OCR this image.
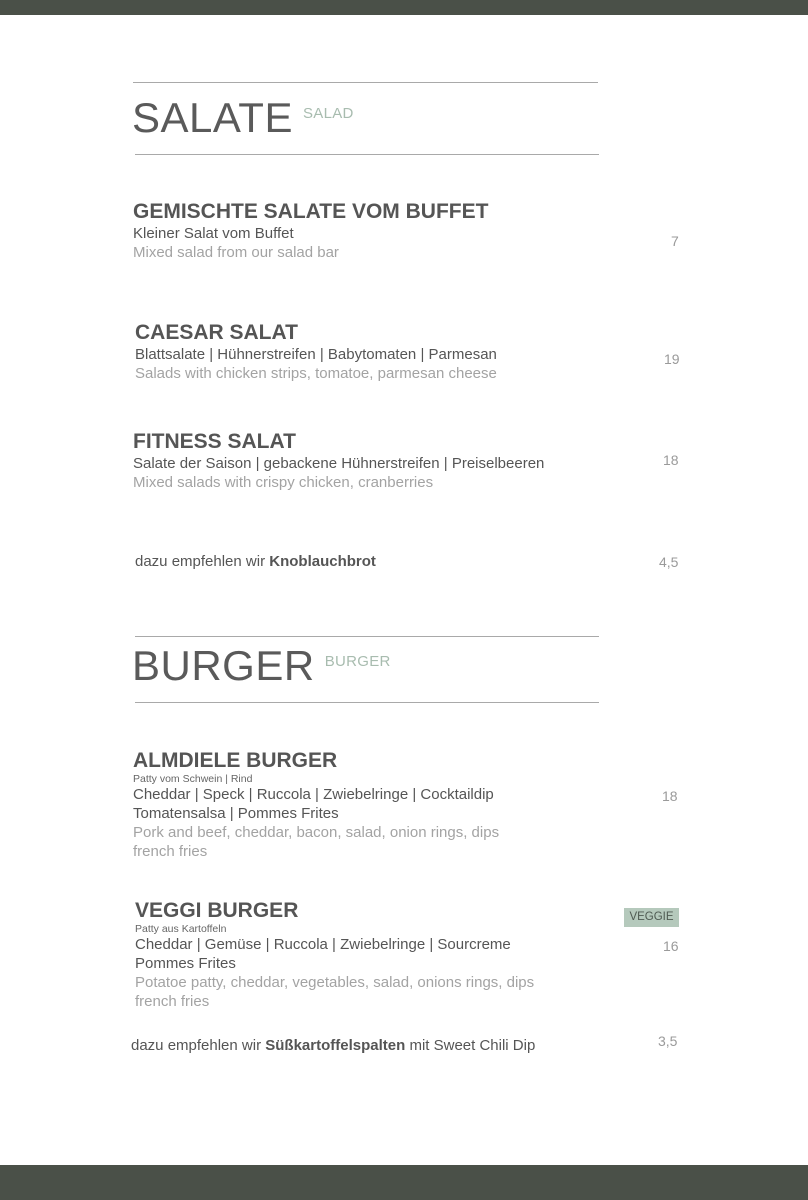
SALATE SALAD
GEMISCHTE SALATE VOM BUFFET
Kleiner Salat vom Buffet
Mixed salad from our salad bar
7
CAESAR SALAT
Blattsalate | Hühnerstreifen | Babytomaten | Parmesan
Salads with chicken strips, tomatoe, parmesan cheese
19
FITNESS SALAT
Salate der Saison | gebackene Hühnerstreifen | Preiselbeeren
Mixed salads with crispy chicken, cranberries
18
dazu empfehlen wir Knoblauchbrot	4,5
BURGER BURGER
ALMDIELE BURGER
Patty vom Schwein | Rind
Cheddar | Speck | Ruccola | Zwiebelringe | Cocktaildip
Tomatensalsa | Pommes Frites
Pork and beef, cheddar, bacon, salad, onion rings, dips
french fries
18
VEGGI BURGER
Patty aus Kartoffeln
Cheddar | Gemüse | Ruccola | Zwiebelringe | Sourcreme
Pommes Frites
Potatoe patty, cheddar, vegetables, salad, onions rings, dips
french fries
VEGGIE
16
dazu empfehlen wir Süßkartoffelspalten mit Sweet Chili Dip	3,5
